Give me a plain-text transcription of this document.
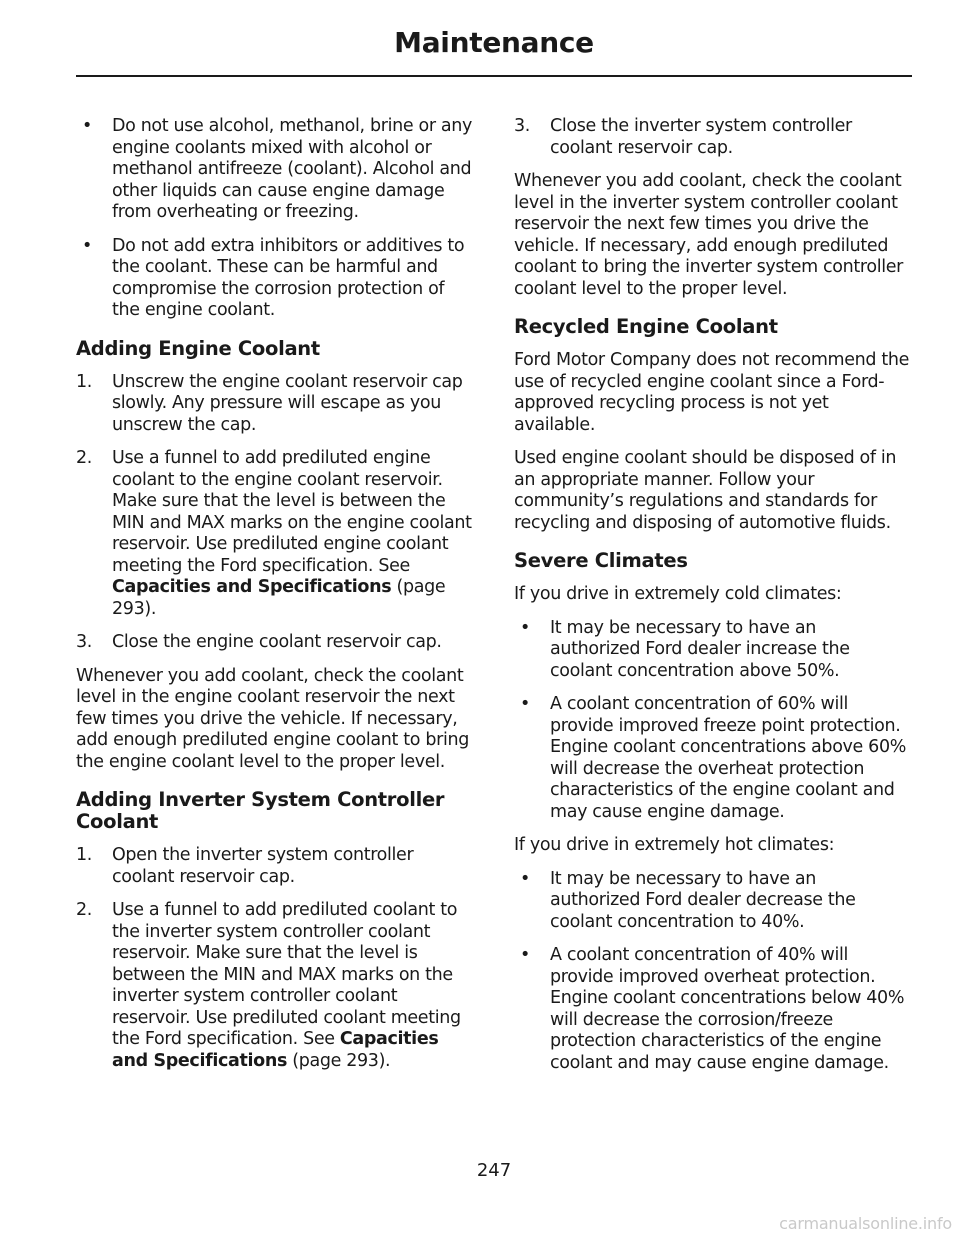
Maintenance
• Do not use alcohol, methanol, brine or any engine coolants mixed with alcohol or methanol antifreeze (coolant). Alcohol and other liquids can cause engine damage from overheating or freezing.
• Do not add extra inhibitors or additives to the coolant. These can be harmful and compromise the corrosion protection of the engine coolant.
Adding Engine Coolant
1. Unscrew the engine coolant reservoir cap slowly. Any pressure will escape as you unscrew the cap.
2. Use a funnel to add prediluted engine coolant to the engine coolant reservoir. Make sure that the level is between the MIN and MAX marks on the engine coolant reservoir. Use prediluted engine coolant meeting the Ford specification. See Capacities and Specifications (page 293).
3. Close the engine coolant reservoir cap.

Whenever you add coolant, check the coolant level in the engine coolant reservoir the next few times you drive the vehicle. If necessary, add enough prediluted engine coolant to bring the engine coolant level to the proper level.

Adding Inverter System Controller Coolant
1. Open the inverter system controller coolant reservoir cap.
2. Use a funnel to add prediluted coolant to the inverter system controller coolant reservoir. Make sure that the level is between the MIN and MAX marks on the inverter system controller coolant reservoir. Use prediluted coolant meeting the Ford specification. See Capacities and Specifications (page 293).
3. Close the inverter system controller coolant reservoir cap.

Whenever you add coolant, check the coolant level in the inverter system controller coolant reservoir the next few times you drive the vehicle. If necessary, add enough prediluted coolant to bring the inverter system controller coolant level to the proper level.

Recycled Engine Coolant

Ford Motor Company does not recommend the use of recycled engine coolant since a Ford-approved recycling process is not yet available.

Used engine coolant should be disposed of in an appropriate manner. Follow your community’s regulations and standards for recycling and disposing of automotive fluids.

Severe Climates

If you drive in extremely cold climates:

• It may be necessary to have an authorized Ford dealer increase the coolant concentration above 50%.
• A coolant concentration of 60% will provide improved freeze point protection. Engine coolant concentrations above 60% will decrease the overheat protection characteristics of the engine coolant and may cause engine damage.

If you drive in extremely hot climates:

• It may be necessary to have an authorized Ford dealer decrease the coolant concentration to 40%.
• A coolant concentration of 40% will provide improved overheat protection. Engine coolant concentrations below 40% will decrease the corrosion/freeze protection characteristics of the engine coolant and may cause engine damage.
247
carmanualsonline.info
